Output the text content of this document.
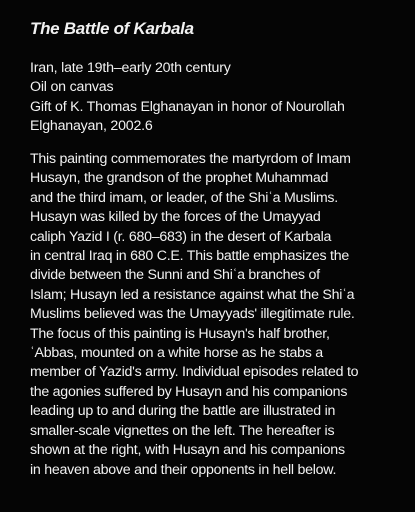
The Battle of Karbala
Iran, late 19th–early 20th century
Oil on canvas
Gift of K. Thomas Elghanayan in honor of Nourollah
Elghanayan, 2002.6
This painting commemorates the martyrdom of Imam
Husayn, the grandson of the prophet Muhammad
and the third imam, or leader, of the Shiʿa Muslims.
Husayn was killed by the forces of the Umayyad
caliph Yazid I (r. 680–683) in the desert of Karbala
in central Iraq in 680 C.E. This battle emphasizes the
divide between the Sunni and Shiʿa branches of
Islam; Husayn led a resistance against what the Shiʿa
Muslims believed was the Umayyads' illegitimate rule.
The focus of this painting is Husayn's half brother,
ʿAbbas, mounted on a white horse as he stabs a
member of Yazid's army. Individual episodes related to
the agonies suffered by Husayn and his companions
leading up to and during the battle are illustrated in
smaller-scale vignettes on the left. The hereafter is
shown at the right, with Husayn and his companions
in heaven above and their opponents in hell below.
